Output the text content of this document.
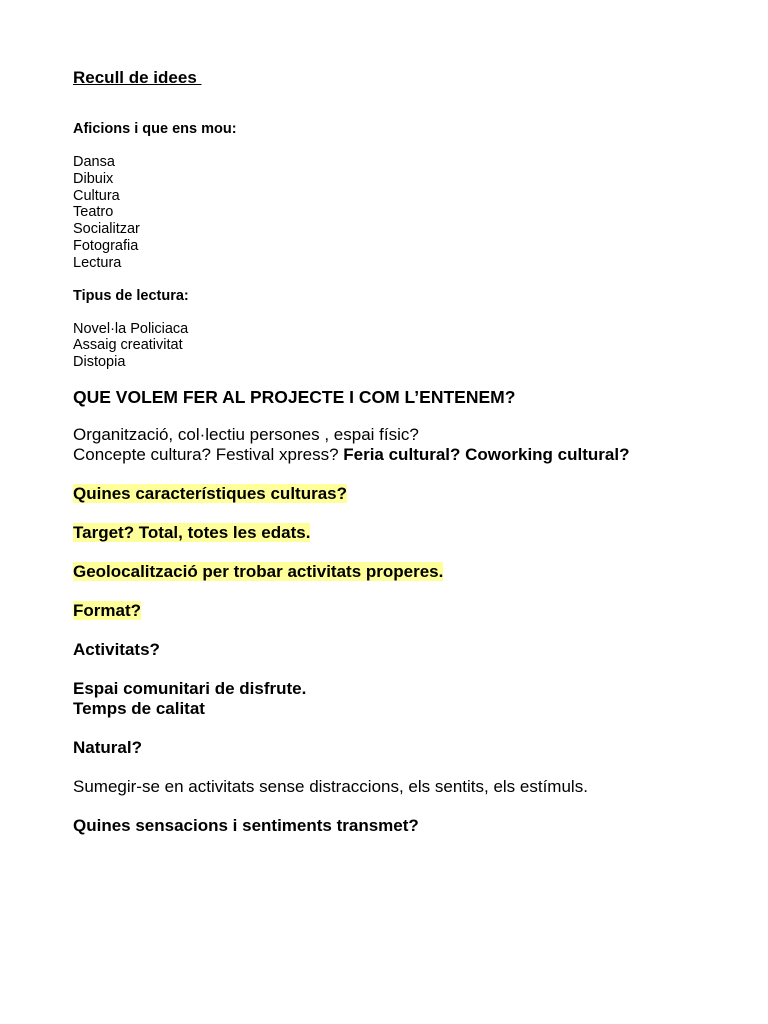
Recull de idees

Aficions i que ens mou:

Dansa

Dibuix

Cultura

Teatro

Socialitzar

Fotografia

Lectura

Tipus de lectura:

Novel·la Policiaca

Assaig creativitat

Distopia

QUE VOLEM FER AL PROJECTE I COM L’ENTENEM?

Organització, col·lectiu persones , espai físic?

Concepte cultura? Festival xpress? Feria cultural? Coworking cultural?

Quines característiques culturas?

Target? Total, totes les edats.

Geolocalització per trobar activitats properes.

Format?

Activitats?

Espai comunitari de disfrute.

Temps de calitat

Natural?

Sumegir-se en activitats sense distraccions, els sentits, els estímuls.

Quines sensacions i sentiments transmet?
